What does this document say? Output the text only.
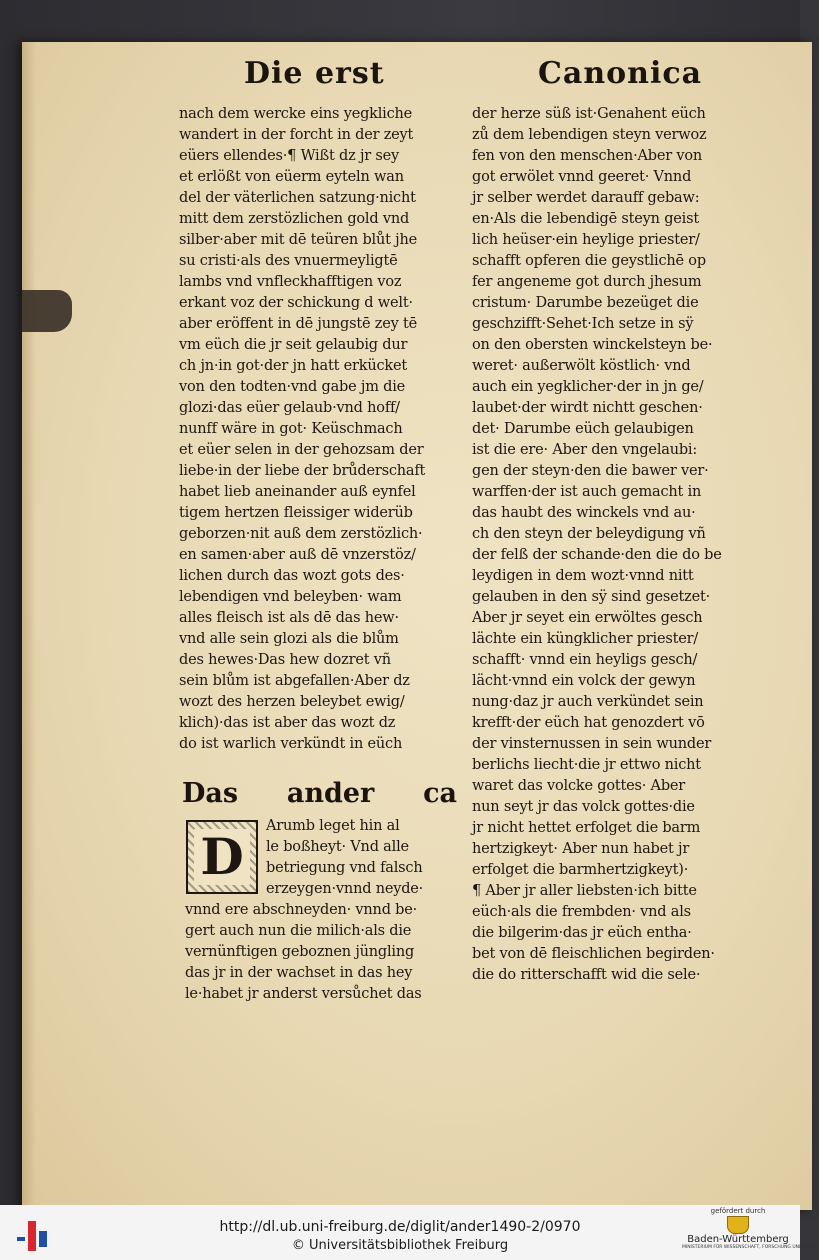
Die erst	Canonica
nach dem wercke eins yegkliche
wandert in der forcht in der zeyt
eüers ellendes·¶ Wißt dz jr sey
et erlößt von eüerm eyteln wan
del der väterlichen satzung·nicht
mitt dem zerstözlichen gold vnd
silber·aber mit dē teüren blůt jhe
su cristi·als des vnuermeyligtē
lambs vnd vnfleckhafftigen voz
erkant voz der schickung d welt·
aber eröffent in dē jungstē zey tē
vm eüch die jr seit gelaubig dur
ch jn·in got·der jn hatt erkücket
von den todten·vnd gabe jm die
glozi·das eüer gelaub·vnd hoff/
nunff wäre in got· Keüschmach
et eüer selen in der gehozsam der
liebe·in der liebe der brůderschaft
habet lieb aneinander auß eynfel
tigem hertzen fleissiger widerüb
geborzen·nit auß dem zerstözlich·
en samen·aber auß dē vnzerstöz/
lichen durch das wozt gots des·
lebendigen vnd beleyben· wam
alles fleisch ist als dē das hew·
vnd alle sein glozi als die blům
des hewes·Das hew dozret vñ
sein blům ist abgefallen·Aber dz
wozt des herzen beleybet ewig/
klich)·das ist aber das wozt dz
do ist warlich verkündt in eüch
Das ander ca
D
Arumb leget hin al
le boßheyt· Vnd alle
betriegung vnd falsch
erzeygen·vnnd neyde·
vnnd ere abschneyden· vnnd be·
gert auch nun die milich·als die
vernünftigen geboznen jüngling
das jr in der wachset in das hey
le·habet jr anderst versůchet das
der herze süß ist·Genahent eüch
zů dem lebendigen steyn verwoz
fen von den menschen·Aber von
got erwölet vnnd geeret· Vnnd
jr selber werdet darauff gebaw:
en·Als die lebendigē steyn geist
lich heüser·ein heylige priester/
schafft opferen die geystlichē op
fer angeneme got durch jhesum
cristum· Darumbe bezeüget die
geschzifft·Sehet·Ich setze in sÿ
on den obersten winckelsteyn be·
weret· außerwölt köstlich· vnd
auch ein yegklicher·der in jn ge/
laubet·der wirdt nichtt geschen·
det· Darumbe eüch gelaubigen
ist die ere· Aber den vngelaubi:
gen der steyn·den die bawer ver·
warffen·der ist auch gemacht in
das haubt des winckels vnd au·
ch den steyn der beleydigung vñ
der felß der schande·den die do be
leydigen in dem wozt·vnnd nitt
gelauben in den sÿ sind gesetzet·
Aber jr seyet ein erwöltes gesch
lächte ein küngklicher priester/
schafft· vnnd ein heyligs gesch/
lächt·vnnd ein volck der gewyn
nung·daz jr auch verkündet sein
krefft·der eüch hat genozdert vō
der vinsternussen in sein wunder
berlichs liecht·die jr ettwo nicht
waret das volcke gottes· Aber
nun seyt jr das volck gottes·die
jr nicht hettet erfolget die barm
hertzigkeyt· Aber nun habet jr
erfolget die barmhertzigkeyt)·
¶ Aber jr aller liebsten·ich bitte
eüch·als die frembden· vnd als
die bilgerim·das jr eüch entha·
bet von dē fleischlichen begirden·
die do ritterschafft wid die sele·
http://dl.ub.uni-freiburg.de/diglit/ander1490-2/0970
© Universitätsbibliothek Freiburg
gefördert durch
Baden-Württemberg
MINISTERIUM FÜR WISSENSCHAFT, FORSCHUNG UND KUNST
